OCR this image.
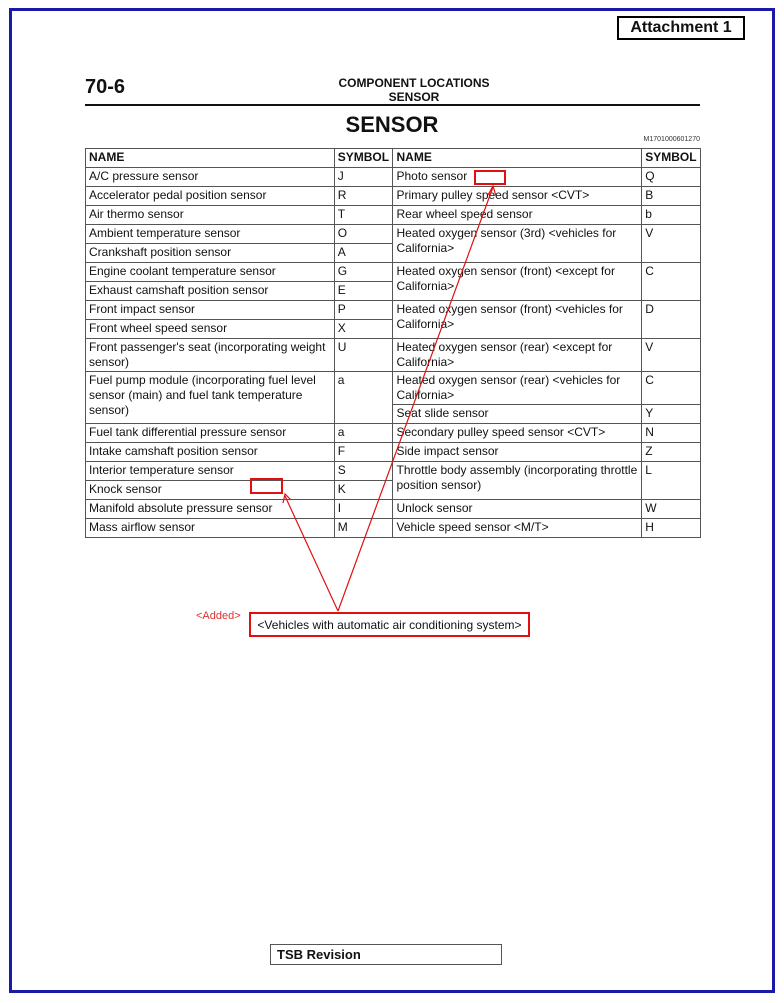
Attachment 1
70-6	COMPONENT LOCATIONS
SENSOR
SENSOR
M1701000601270
NAME	SYMBOL	NAME	SYMBOL
A/C pressure sensor	J	Photo sensor	Q
Accelerator pedal position sensor	R	Primary pulley speed sensor <CVT>	B
Air thermo sensor	T	Rear wheel speed sensor	b
Ambient temperature sensor	O	Heated oxygen sensor (3rd) <vehicles for California>	V
Crankshaft position sensor	A		
Engine coolant temperature sensor	G	Heated oxygen sensor (front) <except for California>	C
Exhaust camshaft position sensor	E		
Front impact sensor	P	Heated oxygen sensor (front) <vehicles for California>	D
Front wheel speed sensor	X		
Front passenger's seat (incorporating weight sensor)	U	Heated oxygen sensor (rear) <except for California>	V
Fuel pump module (incorporating fuel level sensor (main) and fuel tank temperature sensor)	a	Heated oxygen sensor (rear) <vehicles for California>	C
		Seat slide sensor	Y
Fuel tank differential pressure sensor	a	Secondary pulley speed sensor <CVT>	N
Intake camshaft position sensor	F	Side impact sensor	Z
Interior temperature sensor	S	Throttle body assembly (incorporating throttle position sensor)	L
Knock sensor	K		
Manifold absolute pressure sensor	I	Unlock sensor	W
Mass airflow sensor	M	Vehicle speed sensor <M/T>	H
<Added>
<Vehicles with automatic air conditioning system>
TSB Revision
